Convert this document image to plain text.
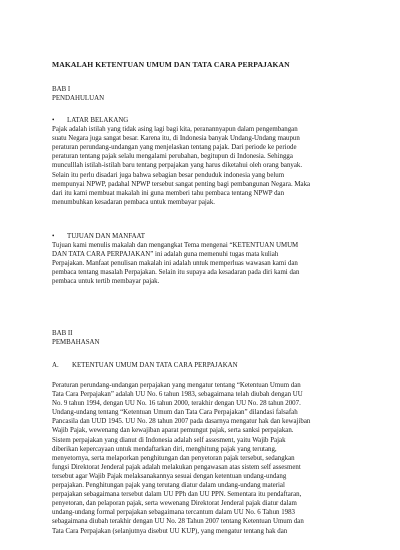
MAKALAH KETENTUAN UMUM DAN TATA CARA PERPAJAKAN
BAB I
PENDAHULUAN
• LATAR BELAKANG
Pajak adalah istilah yang tidak asing lagi bagi kita, peranannyapun dalam pengembangan
suatu Negara juga sangat besar. Karena itu, di Indonesia banyak Undang-Undang maupun
peraturan perundang-undangan yang menjelaskan tentang pajak. Dari periode ke periode
peraturan tentang pajak selalu mengalami perubahan, begitupun di Indonesia. Sehingga
munculllah istilah-istilah baru tentang perpajakan yang harus diketahui oleh orang banyak.
Selain itu perlu disadari juga bahwa sebagian besar penduduk indonesia yang belum
mempunyai NPWP, padahal NPWP tersebut sangat penting bagi pembangunan Negara. Maka
dari itu kami membuat makalah ini guna memberi tahu pembaca tentang NPWP dan
menumbuhkan kesadaran pembaca untuk membayar pajak.
• TUJUAN DAN MANFAAT
Tujuan kami menulis makalah dan mengangkat Tema mengenai “KETENTUAN UMUM
DAN TATA CARA PERPAJAKAN” ini adalah guna memenuhi tugas mata kuliah
Perpajakan. Manfaat penulisan makalah ini adalah untuk memperluas wawasan kami dan
pembaca tentang masalah Perpajakan. Selain itu supaya ada kesadaran pada diri kami dan
pembaca untuk tertib membayar pajak.
BAB II
PEMBAHASAN
A. KETENTUAN UMUM DAN TATA CARA PERPAJAKAN
Peraturan perundang-undangan perpajakan yang mengatur tentang “Ketentuan Umum dan
Tata Cara Perpajakan” adalah UU No. 6 tahun 1983, sebagaimana telah diubah dengan UU
No. 9 tahun 1994, dengan UU No. 16 tahun 2000, terakhir dengan UU No. 28 tahun 2007.
Undang-undang tentang “Ketentuan Umum dan Tata Cara Perpajakan” dilandasi falsafah
Pancasila dan UUD 1945. UU No. 28 tahun 2007 pada dasarnya mengatur hak dan kewajiban
Wajib Pajak, wewenang dan kewajiban aparat pemungut pajak, serta sanksi perpajakan.
Sistem perpajakan yang dianut di Indonesia adalah self assesment, yaitu Wajib Pajak
diberikan kepercayaan untuk mendaftarkan diri, menghitung pajak yang terutang,
menyetornya, serta melaporkan penghitungan dan penyetoran pajak tersebut, sedangkan
fungsi Direktorat Jenderal pajak adalah melakukan pengawasan atas sistem self assesment
tersebut agar Wajib Pajak melaksanakannya sesuai dengan ketentuan undang-undang
perpajakan. Penghitungan pajak yang terutang diatur dalam undang-undang material
perpajakan sebagaimana tersebut dalam UU PPh dan UU PPN. Sementara itu pendaftaran,
penyetoran, dan pelaporan pajak, serta wewenang Direktorat Jenderal pajak diatur dalam
undang-undang formal perpajakan sebagaimana tercantum dalam UU No. 6 Tahun 1983
sebagaimana diubah terakhir dengan UU No. 28 Tahun 2007 tentang Ketentuan Umum dan
Tata Cara Perpajakan (selanjutnya disebut UU KUP), yang mengatur tentang hak dan
